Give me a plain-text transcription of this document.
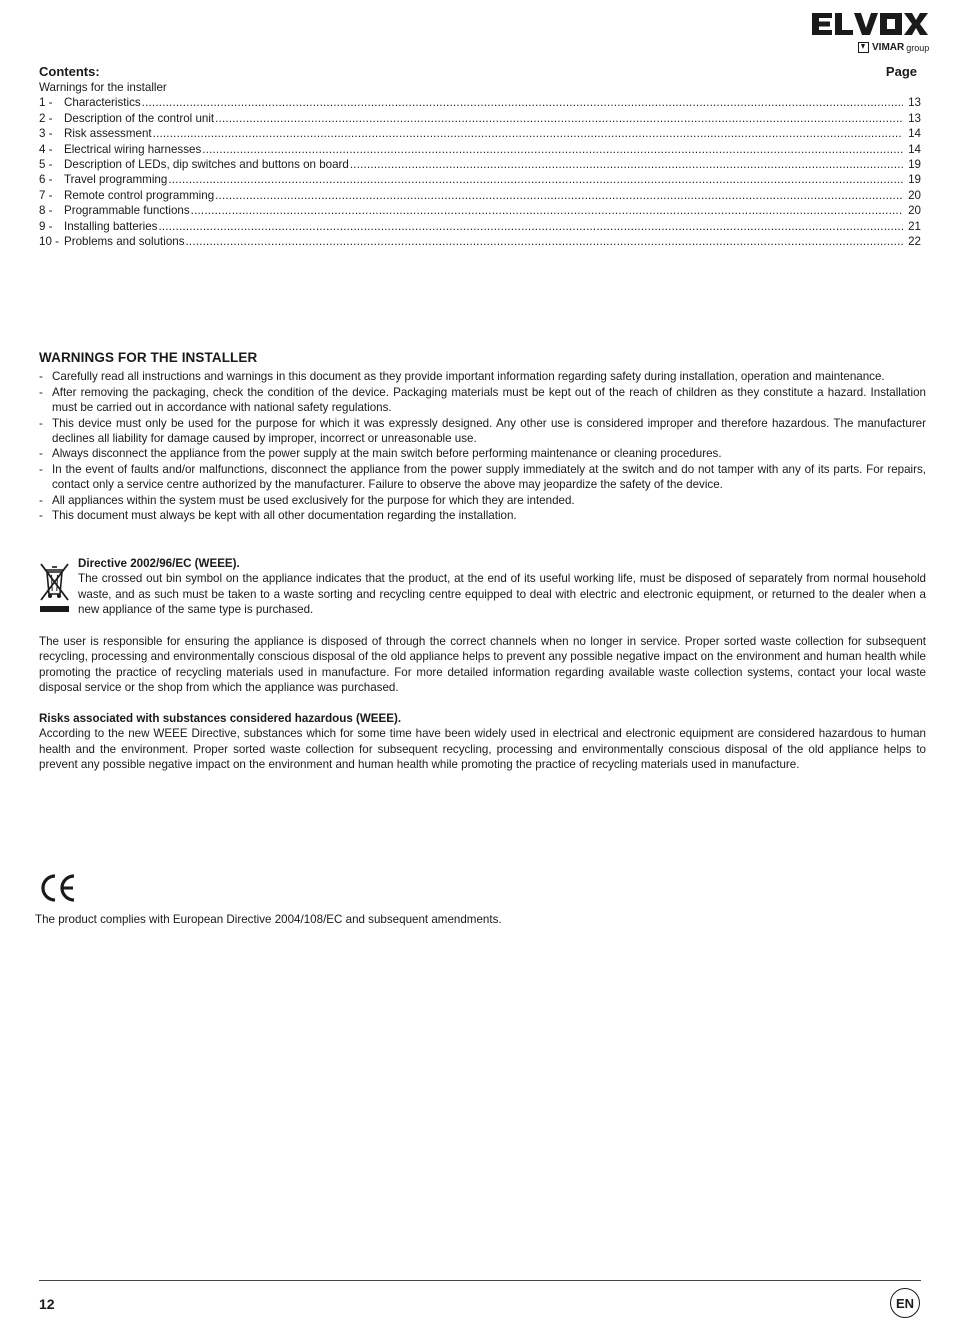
VIMAR group
Contents:	Page
Warnings for the installer
1 - Characteristics .....	13
2 - Description of the control unit .....	13
3 - Risk assessment .....	14
4 - Electrical wiring harnesses .....	14
5 - Description of LEDs, dip switches and buttons on board .....	19
6 - Travel programming .....	19
7 - Remote control programming .....	20
8 - Programmable functions .....	20
9 - Installing batteries .....	21
10 - Problems and solutions .....	22
WARNINGS FOR THE INSTALLER
- Carefully read all instructions and warnings in this document as they provide important information regarding safety during installation, operation and maintenance.
- After removing the packaging, check the condition of the device. Packaging materials must be kept out of the reach of children as they constitute a hazard. Installation must be carried out in accordance with national safety regulations.
- This device must only be used for the purpose for which it was expressly designed. Any other use is considered improper and therefore hazardous. The manufacturer declines all liability for damage caused by improper, incorrect or unreasonable use.
- Always disconnect the appliance from the power supply at the main switch before performing maintenance or cleaning procedures.
- In the event of faults and/or malfunctions, disconnect the appliance from the power supply immediately at the switch and do not tamper with any of its parts. For repairs, contact only a service centre authorized by the manufacturer. Failure to observe the above may jeopardize the safety of the device.
- All appliances within the system must be used exclusively for the purpose for which they are intended.
- This document must always be kept with all other documentation regarding the installation.
Directive 2002/96/EC (WEEE).
The crossed out bin symbol on the appliance indicates that the product, at the end of its useful working life, must be disposed of separately from normal household waste, and as such must be taken to a waste sorting and recycling centre equipped to deal with electric and electronic equipment, or returned to the dealer when a new appliance of the same type is purchased.
The user is responsible for ensuring the appliance is disposed of through the correct channels when no longer in service. Proper sorted waste collection for subsequent recycling, processing and environmentally conscious disposal of the old appliance helps to prevent any possible negative impact on the environment and human health while promoting the practice of recycling materials used in manufacture. For more detailed information regarding available waste collection systems, contact your local waste disposal service or the shop from which the appliance was purchased.
Risks associated with substances considered hazardous (WEEE).
According to the new WEEE Directive, substances which for some time have been widely used in electrical and electronic equipment are considered hazardous to human health and the environment. Proper sorted waste collection for subsequent recycling, processing and environmentally conscious disposal of the old appliance helps to prevent any possible negative impact on the environment and human health while promoting the practice of recycling materials used in manufacture.
The product complies with European Directive 2004/108/EC and subsequent amendments.
12	EN
